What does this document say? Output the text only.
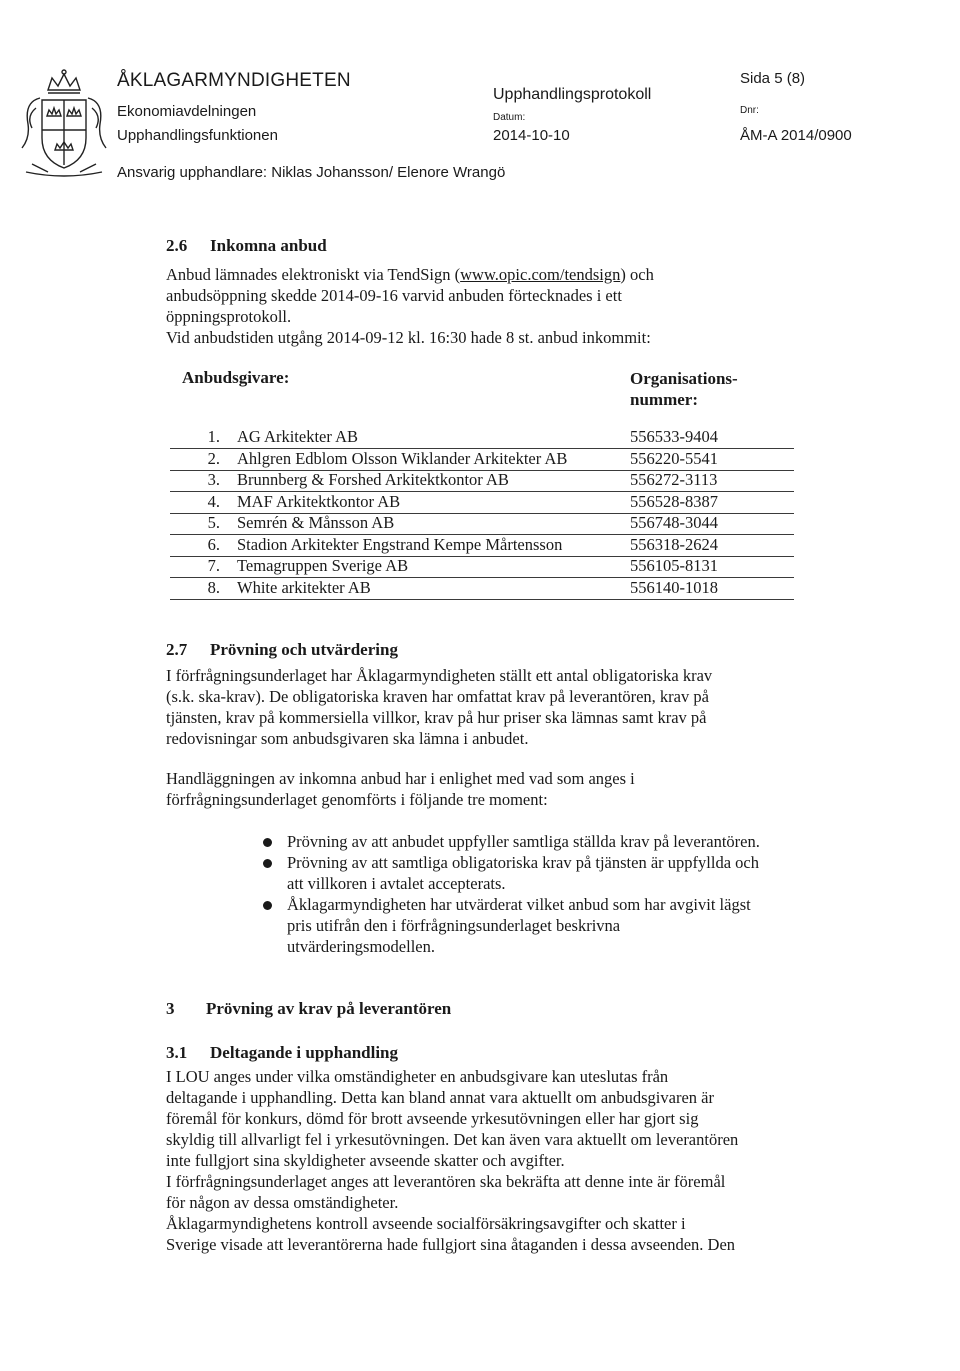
ÅKLAGARMYNDIGHETEN
Ekonomiavdelningen
Upphandlingsfunktionen
Upphandlingsprotokoll
Datum:
2014-10-10
Sida 5 (8)
Dnr:
ÅM-A 2014/0900
Ansvarig upphandlare: Niklas Johansson/ Elenore Wrangö
2.6 Inkomna anbud
Anbud lämnades elektroniskt via TendSign (www.opic.com/tendsign) och
anbudsöppning skedde 2014-09-16 varvid anbuden förtecknades i ett
öppningsprotokoll.
Vid anbudstiden utgång 2014-09-12 kl. 16:30 hade 8 st. anbud inkommit:
Anbudsgivare:	Organisations-
nummer:
1. AG Arkitekter AB	556533-9404
2. Ahlgren Edblom Olsson Wiklander Arkitekter AB	556220-5541
3. Brunnberg & Forshed Arkitektkontor AB	556272-3113
4. MAF Arkitektkontor AB	556528-8387
5. Semrén & Månsson AB	556748-3044
6. Stadion Arkitekter Engstrand Kempe Mårtensson	556318-2624
7. Temagruppen Sverige AB	556105-8131
8. White arkitekter AB	556140-1018
2.7 Prövning och utvärdering
I förfrågningsunderlaget har Åklagarmyndigheten ställt ett antal obligatoriska krav
(s.k. ska-krav). De obligatoriska kraven har omfattat krav på leverantören, krav på
tjänsten, krav på kommersiella villkor, krav på hur priser ska lämnas samt krav på
redovisningar som anbudsgivaren ska lämna i anbudet.
Handläggningen av inkomna anbud har i enlighet med vad som anges i
förfrågningsunderlaget genomförts i följande tre moment:
Prövning av att anbudet uppfyller samtliga ställda krav på leverantören.
Prövning av att samtliga obligatoriska krav på tjänsten är uppfyllda och
att villkoren i avtalet accepterats.
Åklagarmyndigheten har utvärderat vilket anbud som har avgivit lägst
pris utifrån den i förfrågningsunderlaget beskrivna
utvärderingsmodellen.
3 Prövning av krav på leverantören
3.1 Deltagande i upphandling
I LOU anges under vilka omständigheter en anbudsgivare kan uteslutas från
deltagande i upphandling. Detta kan bland annat vara aktuellt om anbudsgivaren är
föremål för konkurs, dömd för brott avseende yrkesutövningen eller har gjort sig
skyldig till allvarligt fel i yrkesutövningen. Det kan även vara aktuellt om leverantören
inte fullgjort sina skyldigheter avseende skatter och avgifter.
I förfrågningsunderlaget anges att leverantören ska bekräfta att denne inte är föremål
för någon av dessa omständigheter.
Åklagarmyndighetens kontroll avseende socialförsäkringsavgifter och skatter i
Sverige visade att leverantörerna hade fullgjort sina åtaganden i dessa avseenden. Den
